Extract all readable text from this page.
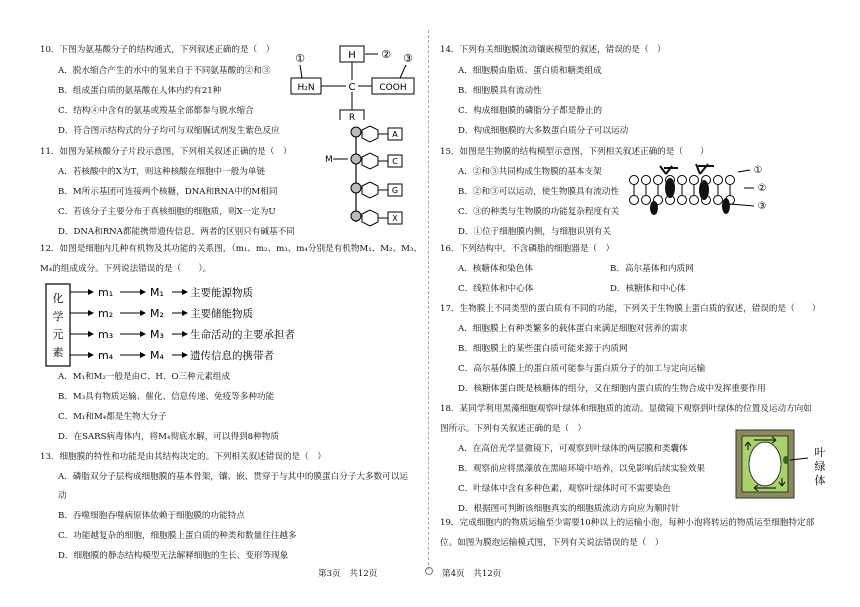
10．下图为氨基酸分子的结构通式，下列叙述正确的是（　）
A．脱水缩合产生的水中的氢来自于不同氨基酸的②和③
B．组成蛋白质的氨基酸在人体内约有21种
C．结构④中含有的氨基或羧基全部都参与脱水缩合
D．符合图示结构式的分子均可与双缩脲试剂发生紫色反应
H
H₂N	COOH
C
R
①	② ③
11．如图为某核酸分子片段示意图，下列相关叙述正确的是（　）
A．若核酸中的X为T，则这种核酸在细胞中一般为单链
B．M所示基团可连接两个核糖，DNA和RNA中的M相同
C．若该分子主要分布于真核细胞的细胞质，则X一定为U
D．DNA和RNA都能携带遗传信息，两者的区别只有碱基不同
M
A
C
G
X
12．如图是细胞内几种有机物及其功能的关系图，（m₁、m₂、m₃、m₄分别是有机物M₁、M₂、M₃、
M₄的组成成分。下列说法错误的是（　　）。
化
学
元
素
m₁	M₁ 主要能源物质
m₂	M₂ 主要储能物质
m₃	M₃ 生命活动的主要承担者
m₄	M₄ 遗传信息的携带者
A．M₁和M₂一般是由C、H、O三种元素组成
B．M₃具有物质运输、催化、信息传递、免疫等多种功能
C．M₁和M₄都是生物大分子
D．在SARS病毒体内，将M₄彻底水解，可以得到8种物质
13．细胞膜的特性和功能是由其结构决定的。下列相关叙述错误的是（　）
A．磷脂双分子层构成细胞膜的基本骨架，镶、嵌、贯穿于与其中的膜蛋白分子大多数可以运
动
B．吞噬细胞吞噬病原体依赖于细胞膜的功能特点
C．功能越复杂的细胞，细胞膜上蛋白质的种类和数量往往越多
D．细胞膜的静态结构模型无法解释细胞的生长、变形等现象
第3页　共12页
14．下列有关细胞膜流动镶嵌模型的叙述，错误的是（　）
A．细胞膜由脂质、蛋白质和糖类组成
B．细胞膜具有流动性
C．构成细胞膜的磷脂分子都是静止的
D．构成细胞膜的大多数蛋白质分子可以运动
15．如图是生物膜的结构模型示意图，下列相关叙述正确的是（　　）
A．②和③共同构成生物膜的基本支架
B．②和③可以运动，使生物膜具有流动性
C．③的种类与生物膜的功能复杂程度有关
D．①位于细胞膜内侧，与细胞识别有关
①
②
③
16．下列结构中，不含磷脂的细胞器是（　）
A．核糖体和染色体	B．高尔基体和内质网
C．线粒体和中心体	D．核糖体和中心体
17．生物膜上不同类型的蛋白质有不同的功能，下列关于生物膜上蛋白质的叙述，错误的是（　　）
A．细胞膜上有种类繁多的载体蛋白来满足细胞对营养的需求
B．细胞膜上的某些蛋白质可能来源于内质网
C．高尔基体膜上的蛋白质可能参与蛋白质分子的加工与定向运输
D．核糖体蛋白既是核糖体的组分，又在细胞内蛋白质的生物合成中发挥重要作用
18．某同学利用黑藻细胞观察叶绿体和细胞质的流动。显微镜下观察到叶绿体的位置及运动方向如
图所示。下列有关叙述正确的是（　）
A．在高倍光学显微镜下，可观察到叶绿体的两层膜和类囊体
B．观察前应将黑藻放在黑暗环境中培养，以免影响后续实验效果
C．叶绿体中含有多种色素，观察叶绿体时可不需要染色
D．根据图可判断该细胞真实的细胞质流动方向应为顺时针
叶
绿
体
19．完成细胞内的物质运输至少需要10种以上的运输小泡，每种小泡将转运的物质运至细胞特定部
位。如图为膜泡运输模式图，下列有关说法错误的是（　）
第4页　共12页
